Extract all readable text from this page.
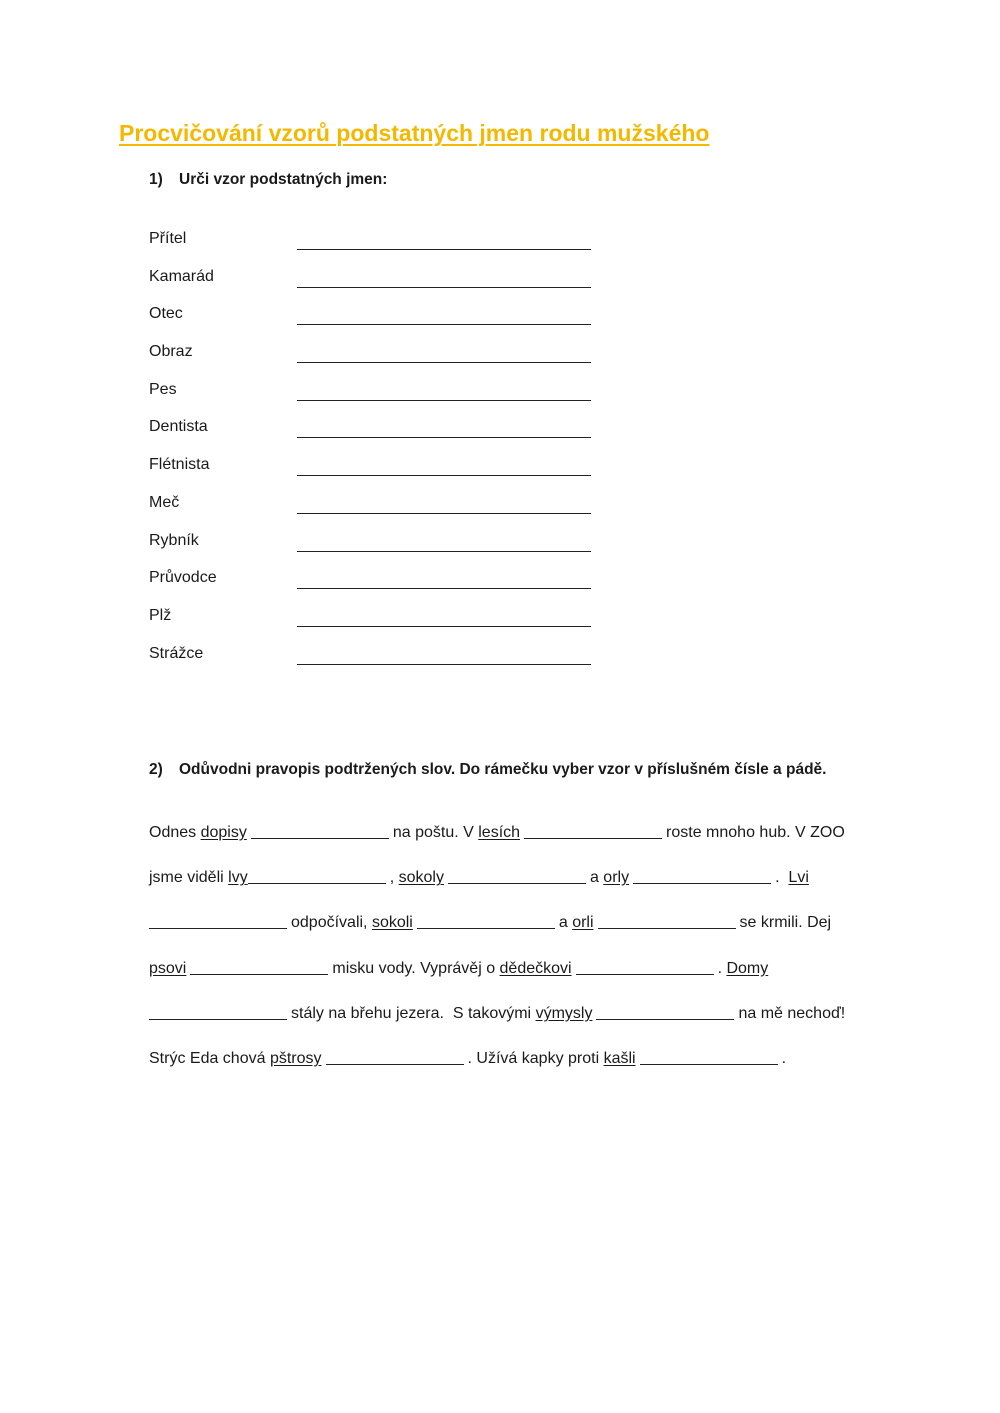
Procvičování vzorů podstatných jmen rodu mužského
1) Urči vzor podstatných jmen:
Přítel
Kamarád
Otec
Obraz
Pes
Dentista
Flétnista
Meč
Rybník
Průvodce
Plž
Strážce
2) Odůvodni pravopis podtržených slov. Do rámečku vyber vzor v příslušném čísle a pádě.
Odnes dopisy	na poštu. V lesích	roste mnoho hub. V ZOO
jsme viděli lvy	, sokoly	a orly	.  Lvi
odpočívali, sokoli	a orli	se krmili. Dej
psovi	misku vody. Vyprávěj o dědečkovi	. Domy
stály na břehu jezera.  S takovými výmysly	na mě nechoď!
Strýc Eda chová pštrosy	. Užívá kapky proti kašli	.
